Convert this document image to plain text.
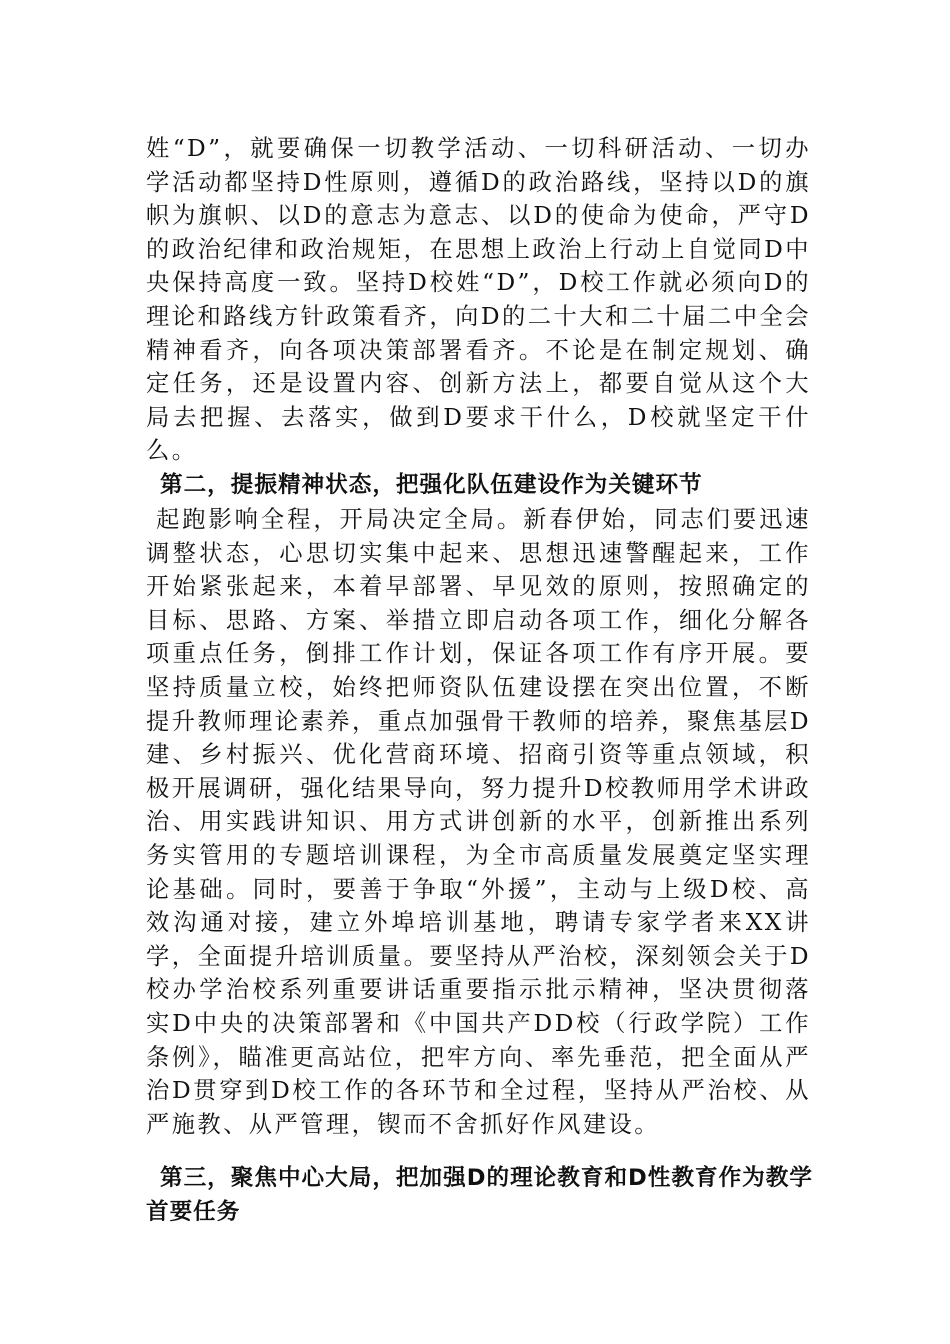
姓“D”，就要确保一切教学活动、一切科研活动、一切办学活动都坚持D性原则，遵循D的政治路线，坚持以D的旗帜为旗帜、以D的意志为意志、以D的使命为使命，严守D的政治纪律和政治规矩，在思想上政治上行动上自觉同D中央保持高度一致。坚持D校姓“D”，D校工作就必须向D的理论和路线方针政策看齐，向D的二十大和二十届二中全会精神看齐，向各项决策部署看齐。不论是在制定规划、确定任务，还是设置内容、创新方法上，都要自觉从这个大局去把握、去落实，做到D要求干什么，D校就坚定干什么。

第二，提振精神状态，把强化队伍建设作为关键环节

起跑影响全程，开局决定全局。新春伊始，同志们要迅速调整状态，心思切实集中起来、思想迅速警醒起来，工作开始紧张起来，本着早部署、早见效的原则，按照确定的目标、思路、方案、举措立即启动各项工作，细化分解各项重点任务，倒排工作计划，保证各项工作有序开展。要坚持质量立校，始终把师资队伍建设摆在突出位置，不断提升教师理论素养，重点加强骨干教师的培养，聚焦基层D建、乡村振兴、优化营商环境、招商引资等重点领域，积极开展调研，强化结果导向，努力提升D校教师用学术讲政治、用实践讲知识、用方式讲创新的水平，创新推出系列务实管用的专题培训课程，为全市高质量发展奠定坚实理论基础。同时，要善于争取“外援”，主动与上级D校、高效沟通对接，建立外埠培训基地，聘请专家学者来XX讲学，全面提升培训质量。要坚持从严治校，深刻领会关于D校办学治校系列重要讲话重要指示批示精神，坚决贯彻落实D中央的决策部署和《中国共产DD校（行政学院）工作条例》，瞄准更高站位，把牢方向、率先垂范，把全面从严治D贯穿到D校工作的各环节和全过程，坚持从严治校、从严施教、从严管理，锲而不舍抓好作风建设。

第三，聚焦中心大局，把加强D的理论教育和D性教育作为教学首要任务
